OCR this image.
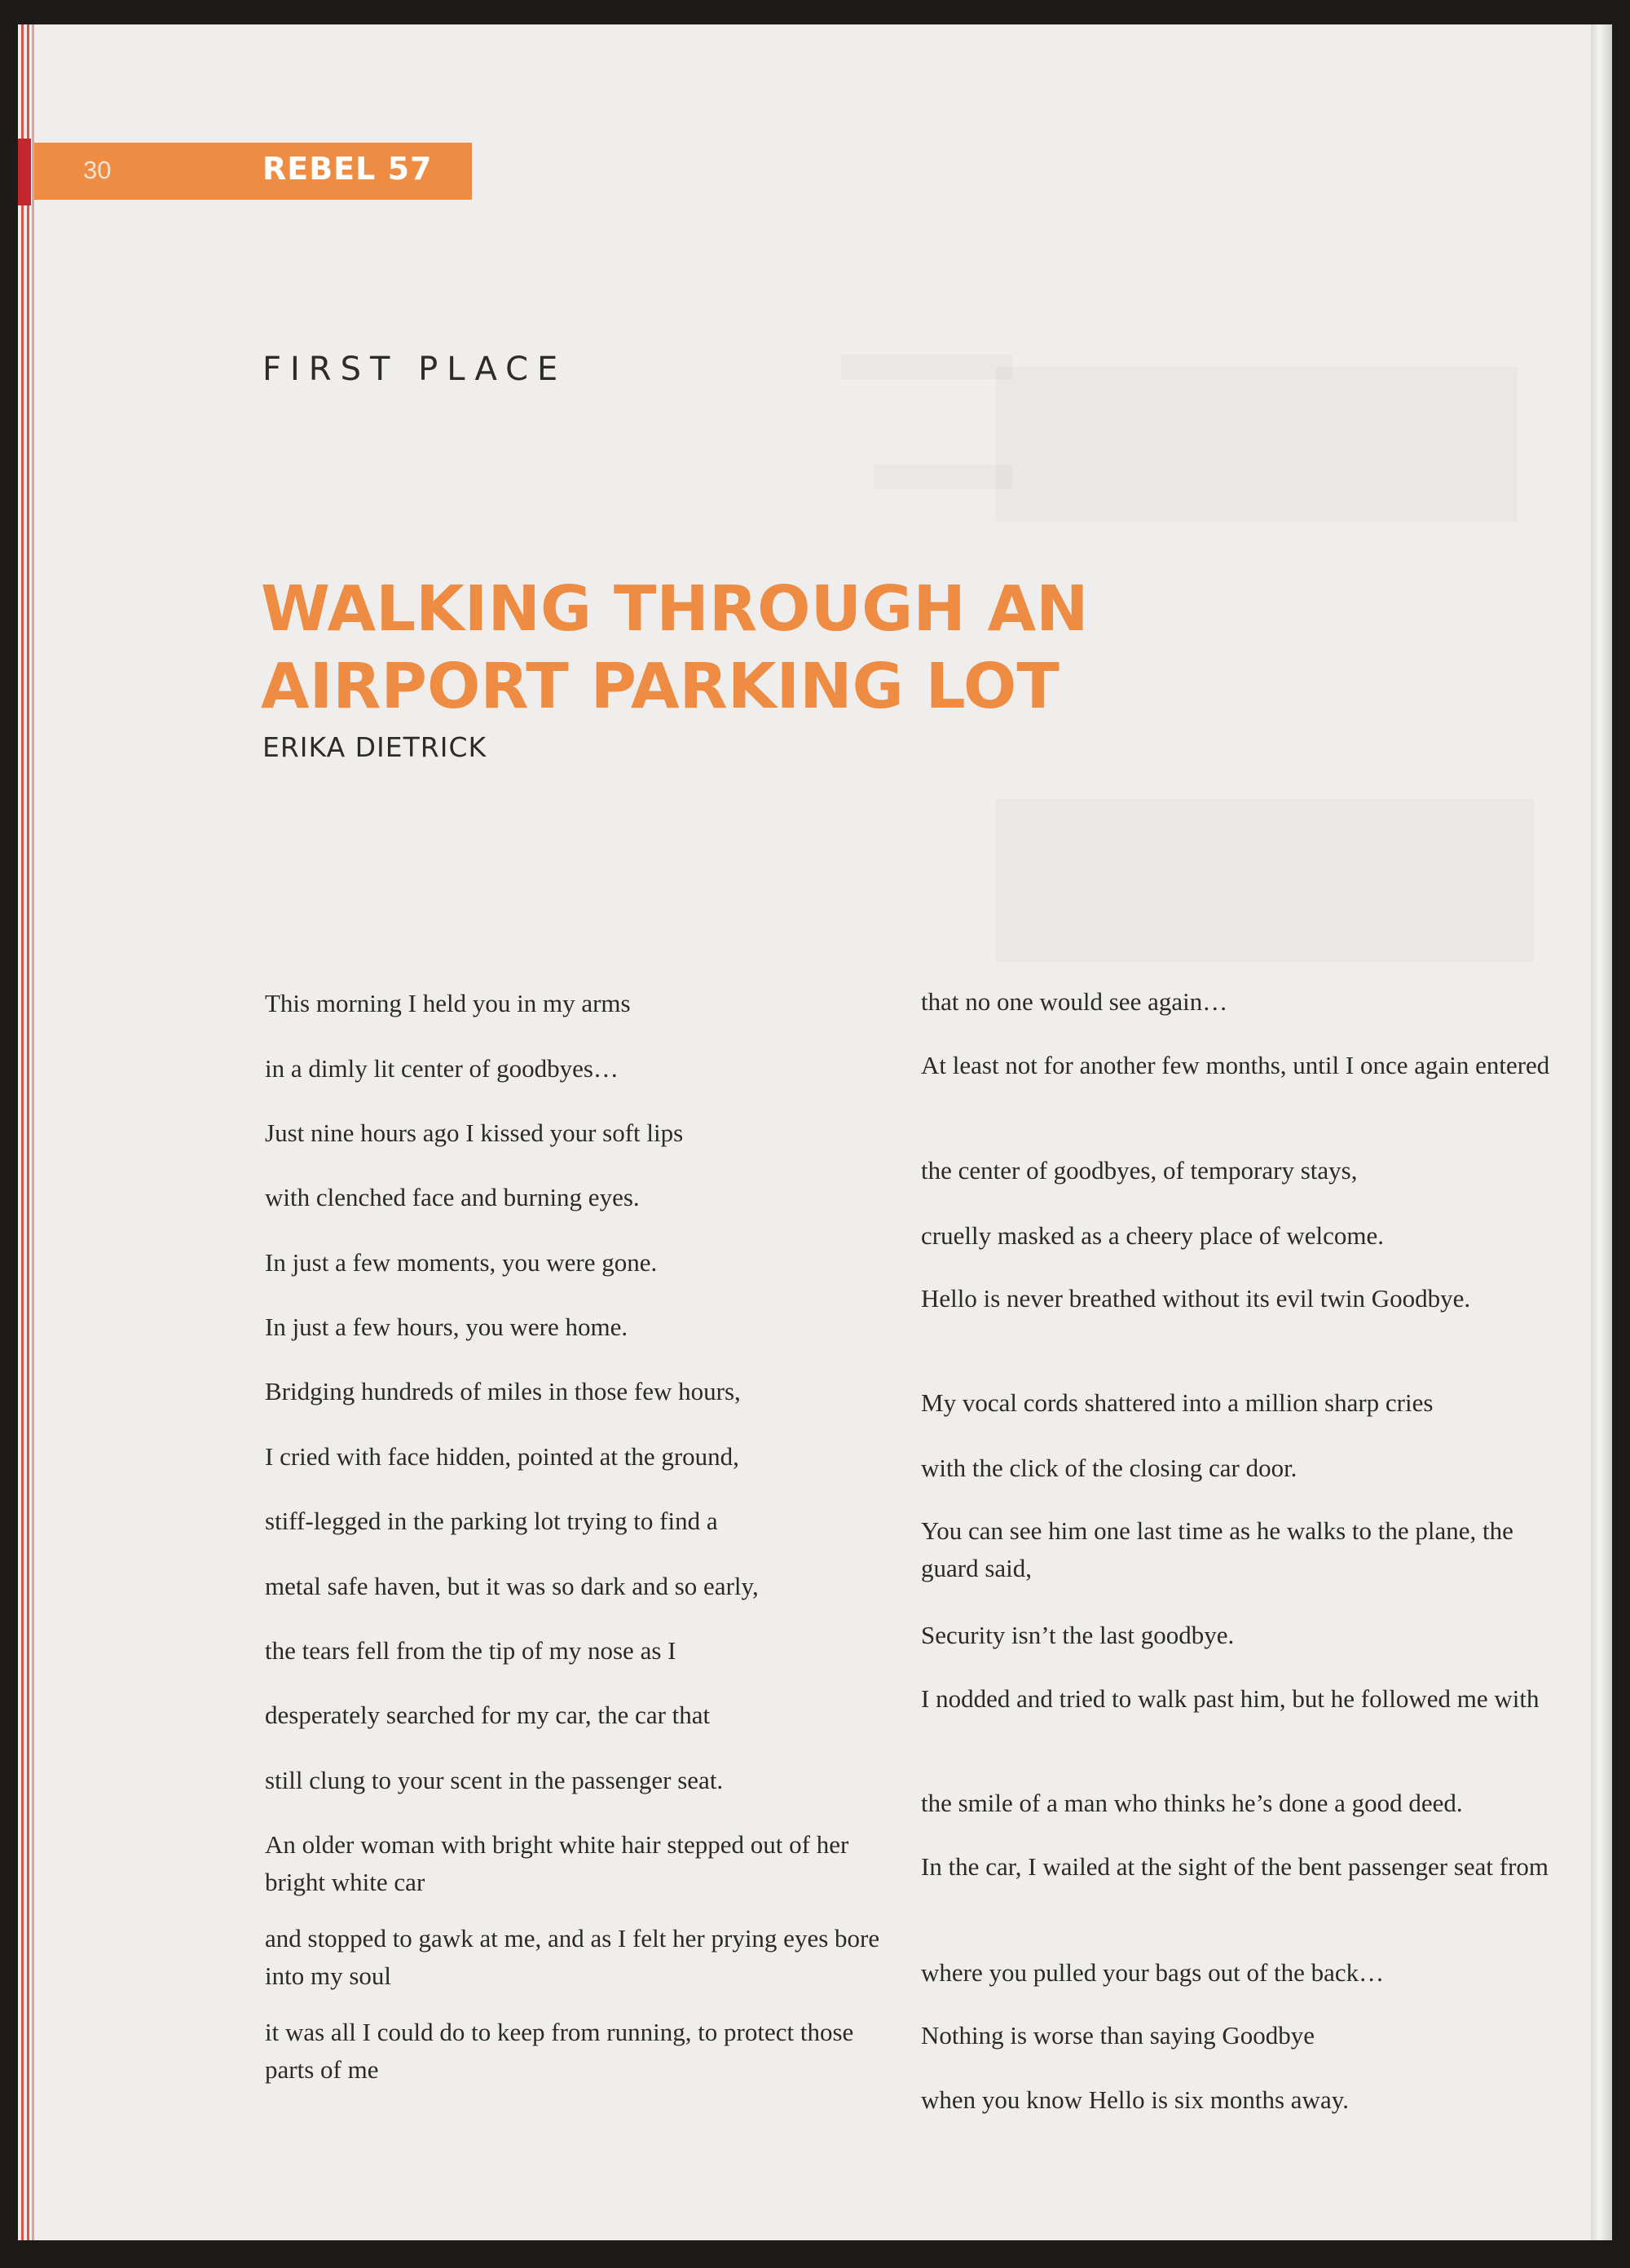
30	REBEL 57
FIRST PLACE
WALKING THROUGH AN
AIRPORT PARKING LOT
ERIKA DIETRICK
This morning I held you in my arms
in a dimly lit center of goodbyes…
Just nine hours ago I kissed your soft lips
with clenched face and burning eyes.
In just a few moments, you were gone.
In just a few hours, you were home.
Bridging hundreds of miles in those few hours,
I cried with face hidden, pointed at the ground,
stiff-legged in the parking lot trying to find a
metal safe haven, but it was so dark and so early,
the tears fell from the tip of my nose as I
desperately searched for my car, the car that
still clung to your scent in the passenger seat.
An older woman with bright white hair stepped out of her bright white car
and stopped to gawk at me, and as I felt her prying eyes bore into my soul
it was all I could do to keep from running, to protect those parts of me
that no one would see again…
At least not for another few months, until I once again entered
the center of goodbyes, of temporary stays,
cruelly masked as a cheery place of welcome.
Hello is never breathed without its evil twin Goodbye.
My vocal cords shattered into a million sharp cries
with the click of the closing car door.
You can see him one last time as he walks to the plane, the guard said,
Security isn’t the last goodbye.
I nodded and tried to walk past him, but he followed me with
the smile of a man who thinks he’s done a good deed.
In the car, I wailed at the sight of the bent passenger seat from
where you pulled your bags out of the back…
Nothing is worse than saying Goodbye
when you know Hello is six months away.
